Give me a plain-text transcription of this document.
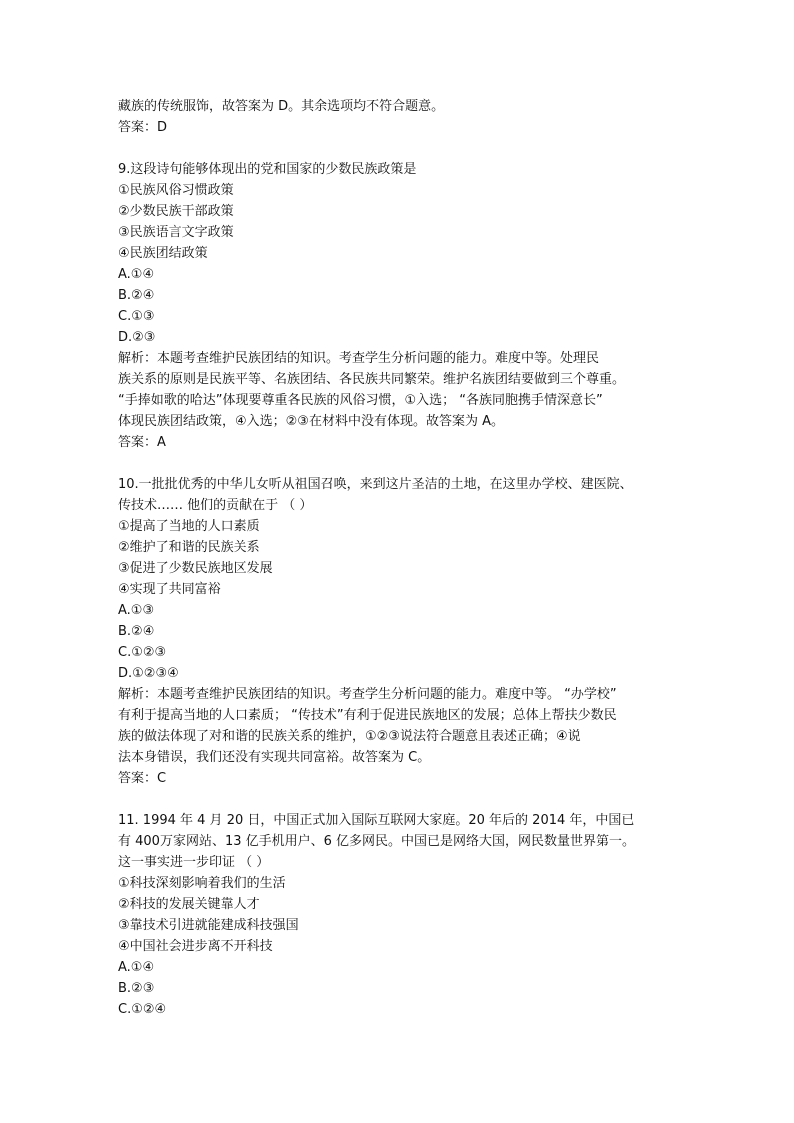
藏族的传统服饰，故答案为 D。其余选项均不符合题意。
答案：D
9.这段诗句能够体现出的党和国家的少数民族政策是
①民族风俗习惯政策
②少数民族干部政策
③民族语言文字政策
④民族团结政策
A.①④
B.②④
C.①③
D.②③
解析：本题考查维护民族团结的知识。考查学生分析问题的能力。难度中等。处理民
族关系的原则是民族平等、名族团结、各民族共同繁荣。维护名族团结要做到三个尊重。
“手捧如歌的哈达”体现要尊重各民族的风俗习惯，①入选； “各族同胞携手情深意长”
体现民族团结政策，④入选；②③在材料中没有体现。故答案为 A。
答案：A
10.一批批优秀的中华儿女听从祖国召唤，来到这片圣洁的土地，在这里办学校、建医院、
传技术…… 他们的贡献在于 （ ）
①提高了当地的人口素质
②维护了和谐的民族关系
③促进了少数民族地区发展
④实现了共同富裕
A.①③
B.②④
C.①②③
D.①②③④
解析：本题考查维护民族团结的知识。考查学生分析问题的能力。难度中等。 “办学校”
有利于提高当地的人口素质； “传技术”有利于促进民族地区的发展；总体上帮扶少数民
族的做法体现了对和谐的民族关系的维护，①②③说法符合题意且表述正确；④说
法本身错误，我们还没有实现共同富裕。故答案为 C。
答案：C
11. 1994 年 4 月 20 日，中国正式加入国际互联网大家庭。20 年后的 2014 年，中国已
有 400万家网站、13 亿手机用户、6 亿多网民。中国已是网络大国，网民数量世界第一。
这一事实进一步印证 （ ）
①科技深刻影响着我们的生活
②科技的发展关键靠人才
③靠技术引进就能建成科技强国
④中国社会进步离不开科技
A.①④
B.②③
C.①②④
